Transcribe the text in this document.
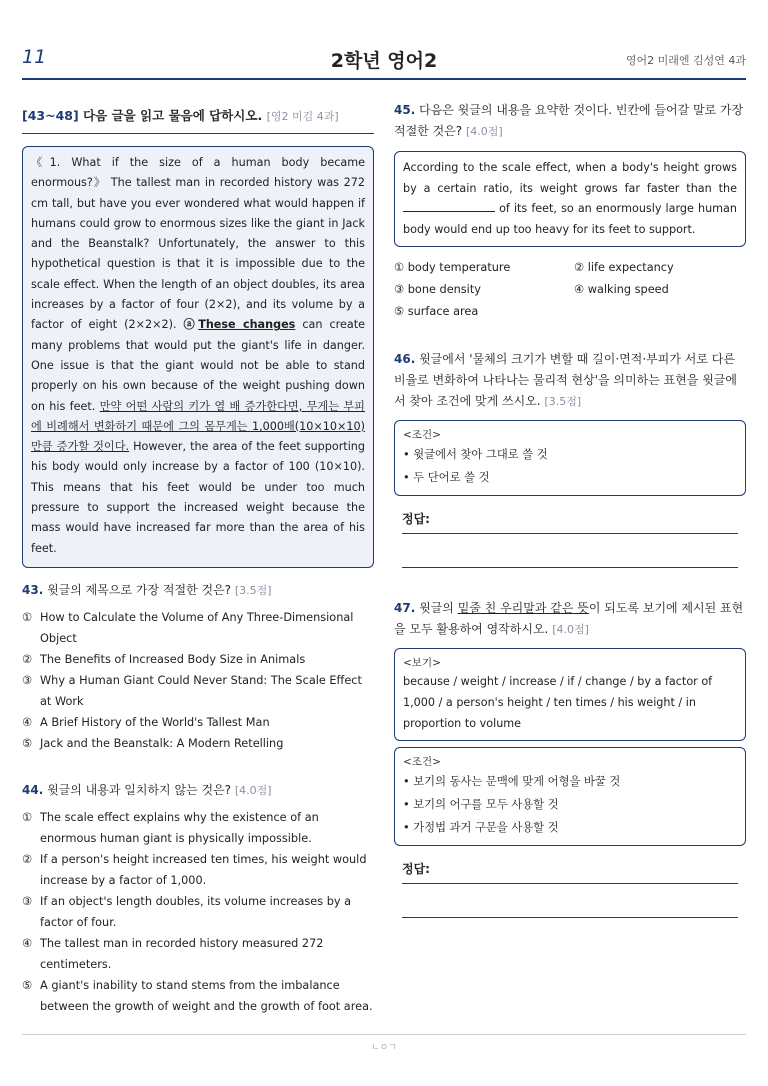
11	2학년 영어2	영어2 미래엔 김성연 4과
[43~48] 다음 글을 읽고 물음에 답하시오. [영2 미김 4과]
《1. What if the size of a human body became enormous?》 The tallest man in recorded history was 272 cm tall, but have you ever wondered what would happen if humans could grow to enormous sizes like the giant in Jack and the Beanstalk? Unfortunately, the answer to this hypothetical question is that it is impossible due to the scale effect. When the length of an object doubles, its area increases by a factor of four (2×2), and its volume by a factor of eight (2×2×2). ⓐThese changes can create many problems that would put the giant's life in danger. One issue is that the giant would not be able to stand properly on his own because of the weight pushing down on his feet. 만약 어떤 사람의 키가 열 배 증가한다면, 무게는 부피에 비례해서 변화하기 때문에 그의 몸무게는 1,000배(10×10×10)만큼 증가할 것이다. However, the area of the feet supporting his body would only increase by a factor of 100 (10×10). This means that his feet would be under too much pressure to support the increased weight because the mass would have increased far more than the area of his feet.
43. 윗글의 제목으로 가장 적절한 것은? [3.5점]
① How to Calculate the Volume of Any Three-Dimensional Object
② The Benefits of Increased Body Size in Animals
③ Why a Human Giant Could Never Stand: The Scale Effect at Work
④ A Brief History of the World's Tallest Man
⑤ Jack and the Beanstalk: A Modern Retelling
44. 윗글의 내용과 일치하지 않는 것은? [4.0점]
① The scale effect explains why the existence of an enormous human giant is physically impossible.
② If a person's height increased ten times, his weight would increase by a factor of 1,000.
③ If an object's length doubles, its volume increases by a factor of four.
④ The tallest man in recorded history measured 272 centimeters.
⑤ A giant's inability to stand stems from the imbalance between the growth of weight and the growth of foot area.
45. 다음은 윗글의 내용을 요약한 것이다. 빈칸에 들어갈 말로 가장 적절한 것은? [4.0점]
According to the scale effect, when a body's height grows by a certain ratio, its weight grows far faster than the  of its feet, so an enormously large human body would end up too heavy for its feet to support.
① body temperature	② life expectancy
③ bone density	④ walking speed
⑤ surface area
46. 윗글에서 '물체의 크기가 변할 때 길이·면적·부피가 서로 다른 비율로 변화하여 나타나는 물리적 현상'을 의미하는 표현을 윗글에서 찾아 조건에 맞게 쓰시오. [3.5점]
<조건>
• 윗글에서 찾아 그대로 쓸 것
• 두 단어로 쓸 것
정답:
47. 윗글의 밑줄 친 우리말과 같은 뜻이 되도록 보기에 제시된 표현을 모두 활용하여 영작하시오. [4.0점]
<보기>
because / weight / increase / if / change / by a factor of 1,000 / a person's height / ten times / his weight / in proportion to volume
<조건>
• 보기의 동사는 문맥에 맞게 어형을 바꿀 것
• 보기의 어구를 모두 사용할 것
• 가정법 과거 구문을 사용할 것
정답:
ㄴㅇㄱ
